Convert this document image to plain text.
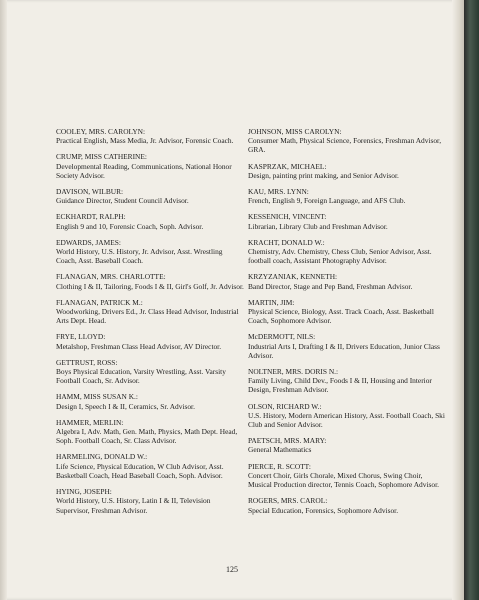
COOLEY, MRS. CAROLYN:
Practical English, Mass Media, Jr. Advisor, Forensic Coach.
CRUMP, MISS CATHERINE:
Developmental Reading, Communications, National Honor Society Advisor.
DAVISON, WILBUR:
Guidance Director, Student Council Advisor.
ECKHARDT, RALPH:
English 9 and 10, Forensic Coach, Soph. Advisor.
EDWARDS, JAMES:
World History, U.S. History, Jr. Advisor, Asst. Wrestling Coach, Asst. Baseball Coach.
FLANAGAN, MRS. CHARLOTTE:
Clothing I & II, Tailoring, Foods I & II, Girl's Golf, Jr. Advisor.
FLANAGAN, PATRICK M.:
Woodworking, Drivers Ed., Jr. Class Head Advisor, Industrial Arts Dept. Head.
FRYE, LLOYD:
Metalshop, Freshman Class Head Advisor, AV Director.
GETTRUST, ROSS:
Boys Physical Education, Varsity Wrestling, Asst. Varsity Football Coach, Sr. Advisor.
HAMM, MISS SUSAN K.:
Design I, Speech I & II, Ceramics, Sr. Advisor.
HAMMER, MERLIN:
Algebra I, Adv. Math, Gen. Math, Physics, Math Dept. Head, Soph. Football Coach, Sr. Class Advisor.
HARMELING, DONALD W.:
Life Science, Physical Education, W Club Advisor, Asst. Basketball Coach, Head Baseball Coach, Soph. Advisor.
HYING, JOSEPH:
World History, U.S. History, Latin I & II, Television Supervisor, Freshman Advisor.
JOHNSON, MISS CAROLYN:
Consumer Math, Physical Science, Forensics, Freshman Advisor, GRA.
KASPRZAK, MICHAEL:
Design, painting print making, and Senior Advisor.
KAU, MRS. LYNN:
French, English 9, Foreign Language, and AFS Club.
KESSENICH, VINCENT:
Librarian, Library Club and Freshman Advisor.
KRACHT, DONALD W.:
Chemistry, Adv. Chemistry, Chess Club, Senior Advisor, Asst. football coach, Assistant Photography Advisor.
KRZYZANIAK, KENNETH:
Band Director, Stage and Pep Band, Freshman Advisor.
MARTIN, JIM:
Physical Science, Biology, Asst. Track Coach, Asst. Basketball Coach, Sophomore Advisor.
McDERMOTT, NILS:
Industrial Arts I, Drafting I & II, Drivers Education, Junior Class Advisor.
NOLTNER, MRS. DORIS N.:
Family Living, Child Dev., Foods I & II, Housing and Interior Design, Freshman Advisor.
OLSON, RICHARD W.:
U.S. History, Modern American History, Asst. Football Coach, Ski Club and Senior Advisor.
PAETSCH, MRS. MARY:
General Mathematics
PIERCE, R. SCOTT:
Concert Choir, Girls Chorale, Mixed Chorus, Swing Choir, Musical Production director, Tennis Coach, Sophomore Advisor.
ROGERS, MRS. CAROL:
Special Education, Forensics, Sophomore Advisor.
125
